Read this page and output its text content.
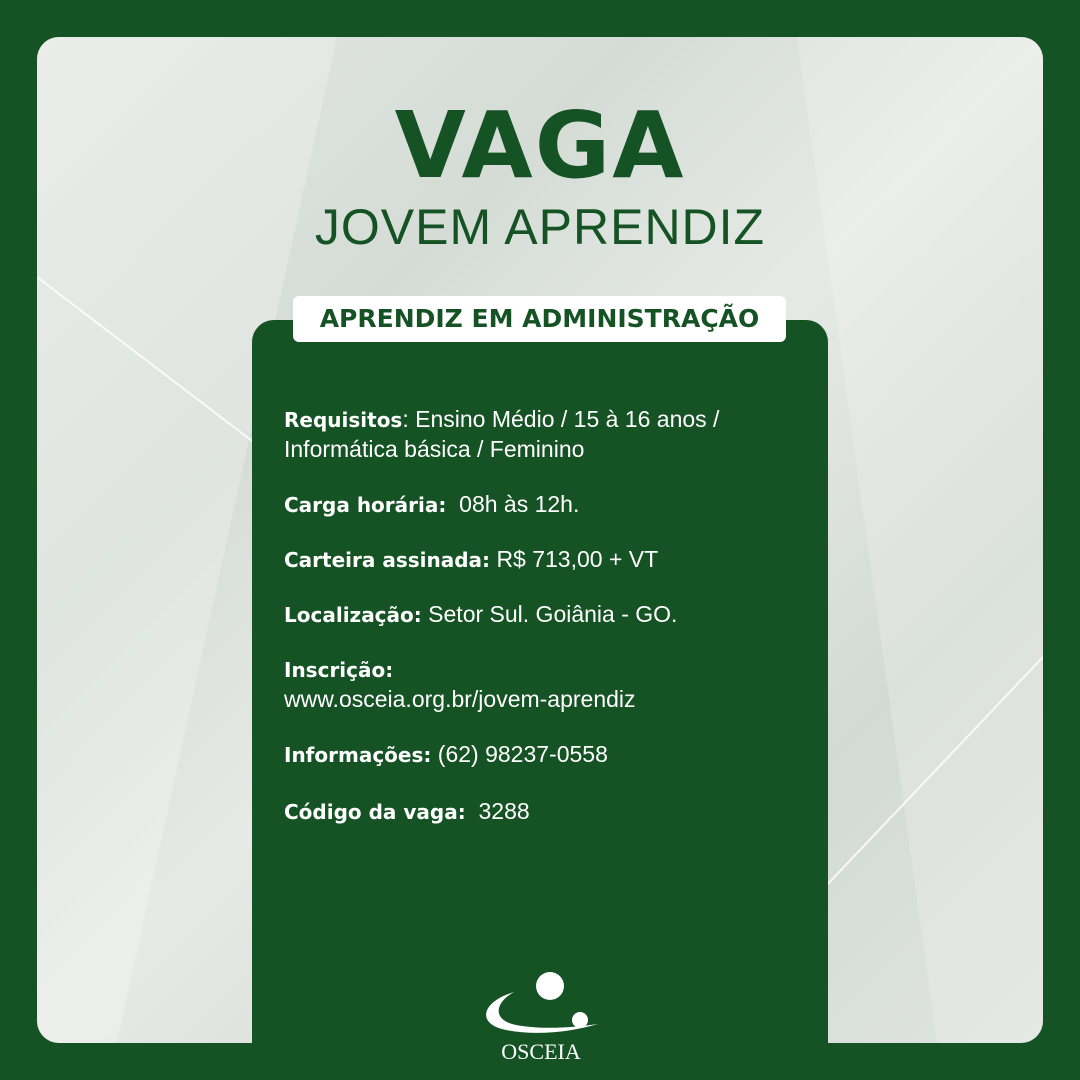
VAGA
JOVEM APRENDIZ
APRENDIZ EM ADMINISTRAÇÃO
Requisitos: Ensino Médio / 15 à 16 anos /
Informática básica / Feminino
Carga horária: 08h às 12h.
Carteira assinada: R$ 713,00 + VT
Localização: Setor Sul. Goiânia - GO.
Inscrição:
www.osceia.org.br/jovem-aprendiz
Informações: (62) 98237-0558
Código da vaga: 3288
OSCEIA
